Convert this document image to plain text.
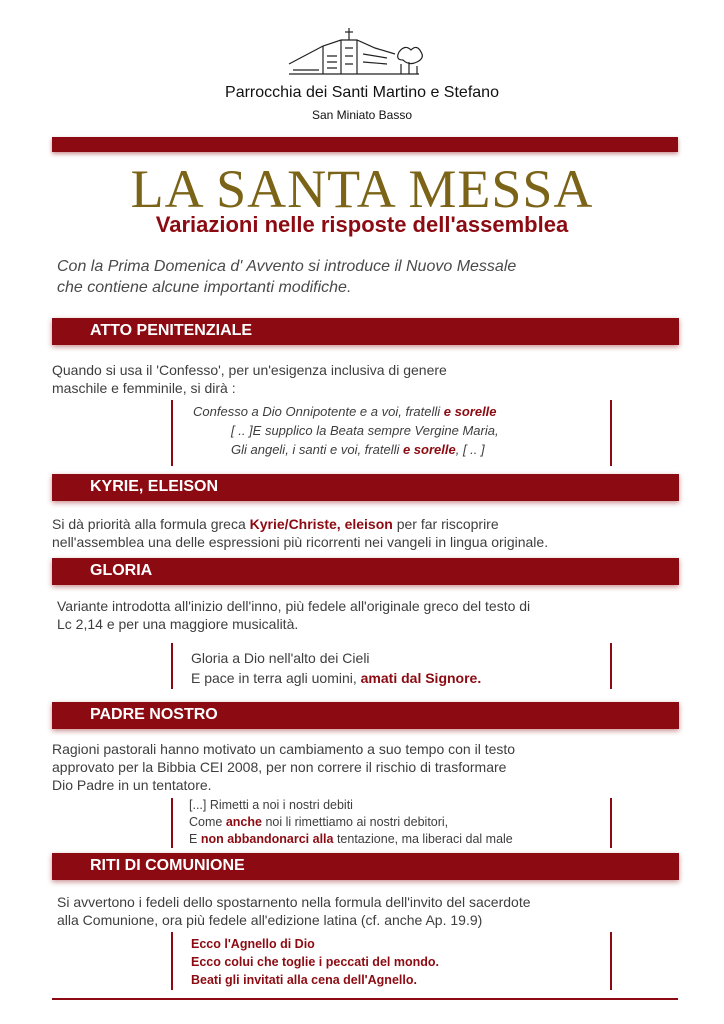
Parrocchia dei Santi Martino e Stefano
San Miniato Basso
LA SANTA MESSA
Variazioni nelle risposte dell'assemblea
Con la Prima Domenica d' Avvento si introduce il Nuovo Messale
che contiene alcune importanti modifiche.
ATTO PENITENZIALE
Quando si usa il 'Confesso', per un'esigenza inclusiva di genere
maschile e femminile, si dirà :
Confesso a Dio Onnipotente e a voi, fratelli e sorelle
[ .. ]E supplico la Beata sempre Vergine Maria,
Gli angeli, i santi e voi, fratelli e sorelle, [ .. ]
KYRIE, ELEISON
Si dà priorità alla formula greca Kyrie/Christe, eleison per far riscoprire
nell'assemblea una delle espressioni più ricorrenti nei vangeli in lingua originale.
GLORIA
Variante introdotta all'inizio dell'inno, più fedele all'originale greco del testo di
Lc 2,14 e per una maggiore musicalità.
Gloria a Dio nell'alto dei Cieli
E pace in terra agli uomini, amati dal Signore.
PADRE NOSTRO
Ragioni pastorali hanno motivato un cambiamento a suo tempo con il testo
approvato per la Bibbia CEI 2008, per non correre il rischio di trasformare
Dio Padre in un tentatore.
[...] Rimetti a noi i nostri debiti
Come anche noi li rimettiamo ai nostri debitori,
E non abbandonarci alla tentazione, ma liberaci dal male
RITI DI COMUNIONE
Si avvertono i fedeli dello spostarnento nella formula dell'invito del sacerdote
alla Comunione, ora più fedele all'edizione latina (cf. anche Ap. 19.9)
Ecco l'Agnello di Dio
Ecco colui che toglie i peccati del mondo.
Beati gli invitati alla cena dell'Agnello.
